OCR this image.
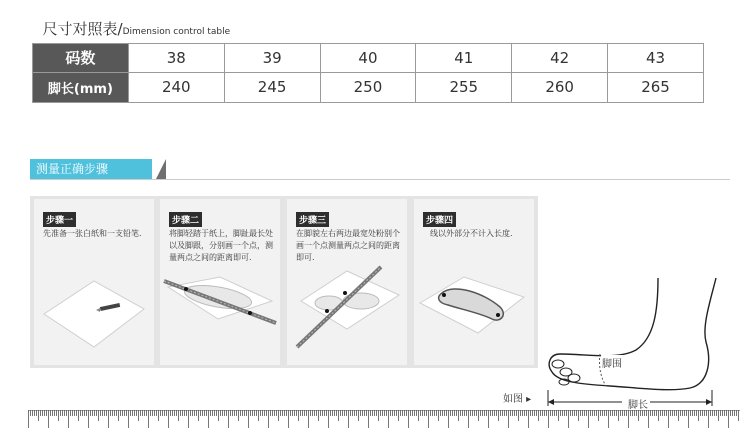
尺寸对照表/Dimension control table						
码数	38	39	40	41	42	43
脚长(mm)	240	245	250	255	260	265
测量正确步骤
步骤一
先准备一张白纸和一支铅笔.
步骤二
将脚轻踏于纸上，脚趾最长处以及脚跟，分别画一个点，测量两点之间的距离即可.
步骤三
在脚貌左右两边最宽处粉别个画一个点测量两点之间的距离即可.
步骤四
线以外部分不计入长度.
脚围
脚长
如图 ▸
